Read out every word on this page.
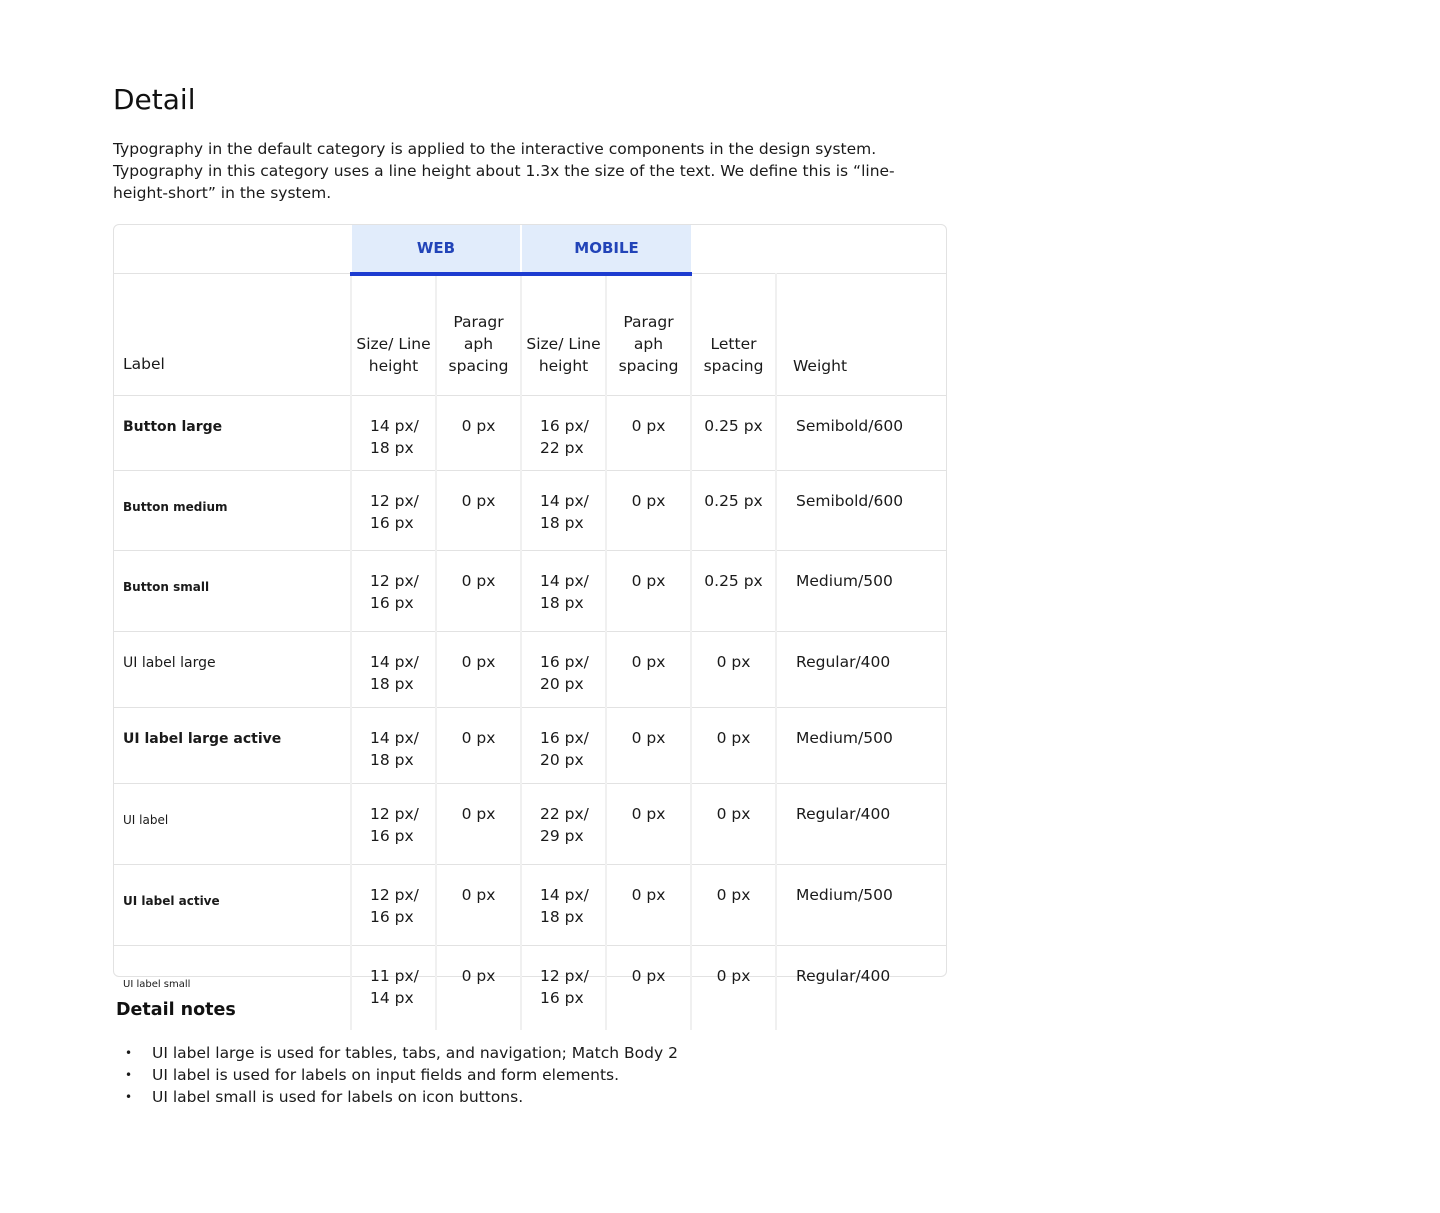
Detail

Typography in the default category is applied to the interactive components in the design system. Typography in this category uses a line height about 1.3x the size of the text. We define this is “line-height-short” in the system.

	WEB		MOBILE			
Label	Size/ Line height	Paragr aph spacing	Size/ Line height	Paragr aph spacing	Letter spacing	Weight
Button large	14 px/ 18 px	0 px	16 px/ 22 px	0 px	0.25 px	Semibold/600
Button medium	12 px/ 16 px	0 px	14 px/ 18 px	0 px	0.25 px	Semibold/600
Button small	12 px/ 16 px	0 px	14 px/ 18 px	0 px	0.25 px	Medium/500
UI label large	14 px/ 18 px	0 px	16 px/ 20 px	0 px	0 px	Regular/400
UI label large active	14 px/ 18 px	0 px	16 px/ 20 px	0 px	0 px	Medium/500
UI label	12 px/ 16 px	0 px	22 px/ 29 px	0 px	0 px	Regular/400
UI label active	12 px/ 16 px	0 px	14 px/ 18 px	0 px	0 px	Medium/500
UI label small	11 px/ 14 px	0 px	12 px/ 16 px	0 px	0 px	Regular/400
Detail notes
• UI label large is used for tables, tabs, and navigation; Match Body 2
• UI label is used for labels on input fields and form elements.
• UI label small is used for labels on icon buttons.
